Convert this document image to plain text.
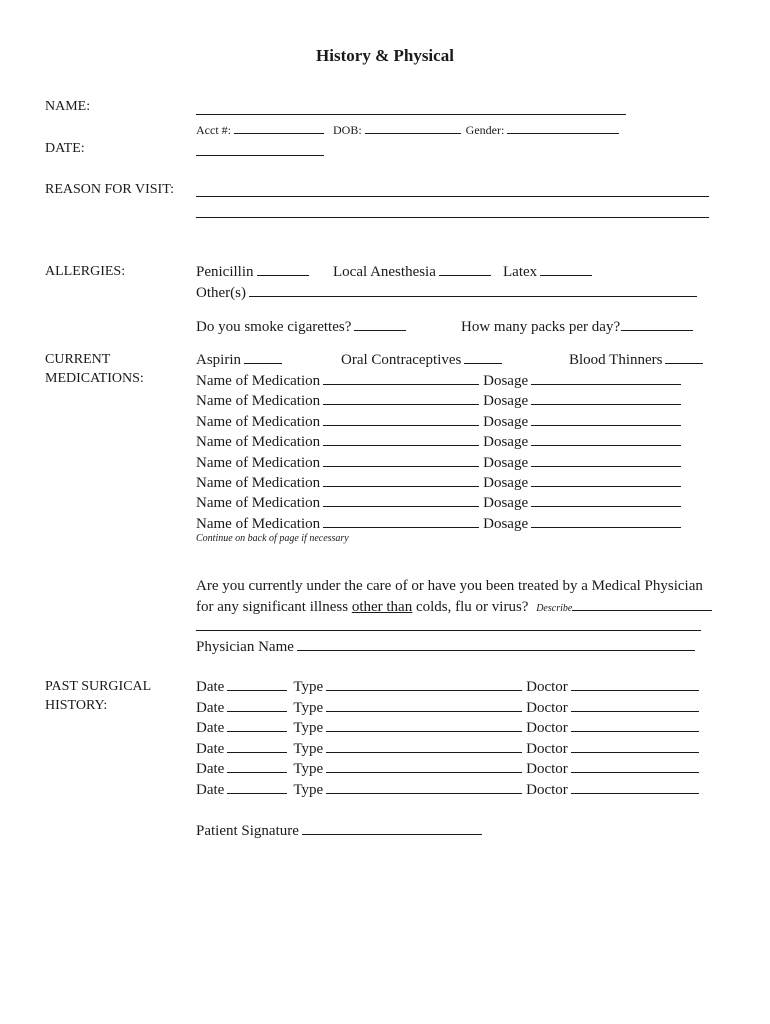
History & Physical
NAME:
Acct #:	DOB:	Gender:
DATE:
REASON FOR VISIT:
ALLERGIES:	Penicillin	Local Anesthesia	Latex
Other(s)
Do you smoke cigarettes?	How many packs per day?
CURRENT
MEDICATIONS:
Aspirin	Oral Contraceptives	Blood Thinners
Name of Medication	Dosage
Name of Medication	Dosage
Name of Medication	Dosage
Name of Medication	Dosage
Name of Medication	Dosage
Name of Medication	Dosage
Name of Medication	Dosage
Name of Medication	Dosage
Continue on back of page if necessary
Are you currently under the care of or have you been treated by a Medical Physician
for any significant illness other than colds, flu or virus? Describe
Physician Name
PAST SURGICAL
HISTORY:
Date	Type	Doctor
Date	Type	Doctor
Date	Type	Doctor
Date	Type	Doctor
Date	Type	Doctor
Date	Type	Doctor
Patient Signature
